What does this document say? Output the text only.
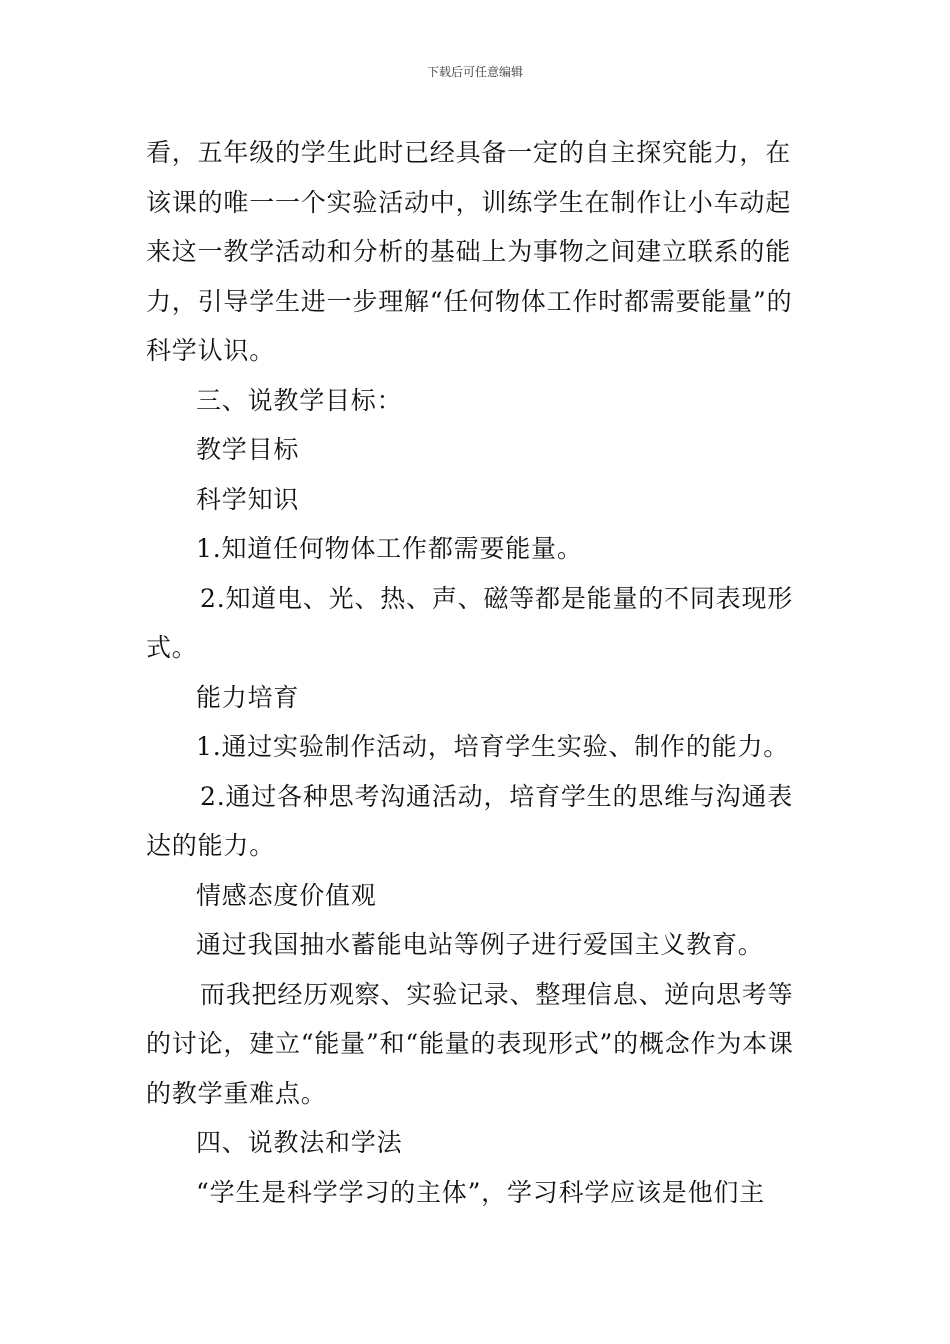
下载后可任意编辑

看，五年级的学生此时已经具备一定的自主探究能力，在该课的唯一一个实验活动中，训练学生在制作让小车动起来这一教学活动和分析的基础上为事物之间建立联系的能力，引导学生进一步理解“任何物体工作时都需要能量”的科学认识。

三、说教学目标：

教学目标

科学知识

1.知道任何物体工作都需要能量。

2.知道电、光、热、声、磁等都是能量的不同表现形式。

能力培育

1.通过实验制作活动，培育学生实验、制作的能力。

2.通过各种思考沟通活动，培育学生的思维与沟通表达的能力。

情感态度价值观

通过我国抽水蓄能电站等例子进行爱国主义教育。

而我把经历观察、实验记录、整理信息、逆向思考等的讨论，建立“能量”和“能量的表现形式”的概念作为本课的教学重难点。

四、说教法和学法

“学生是科学学习的主体”，学习科学应该是他们主
